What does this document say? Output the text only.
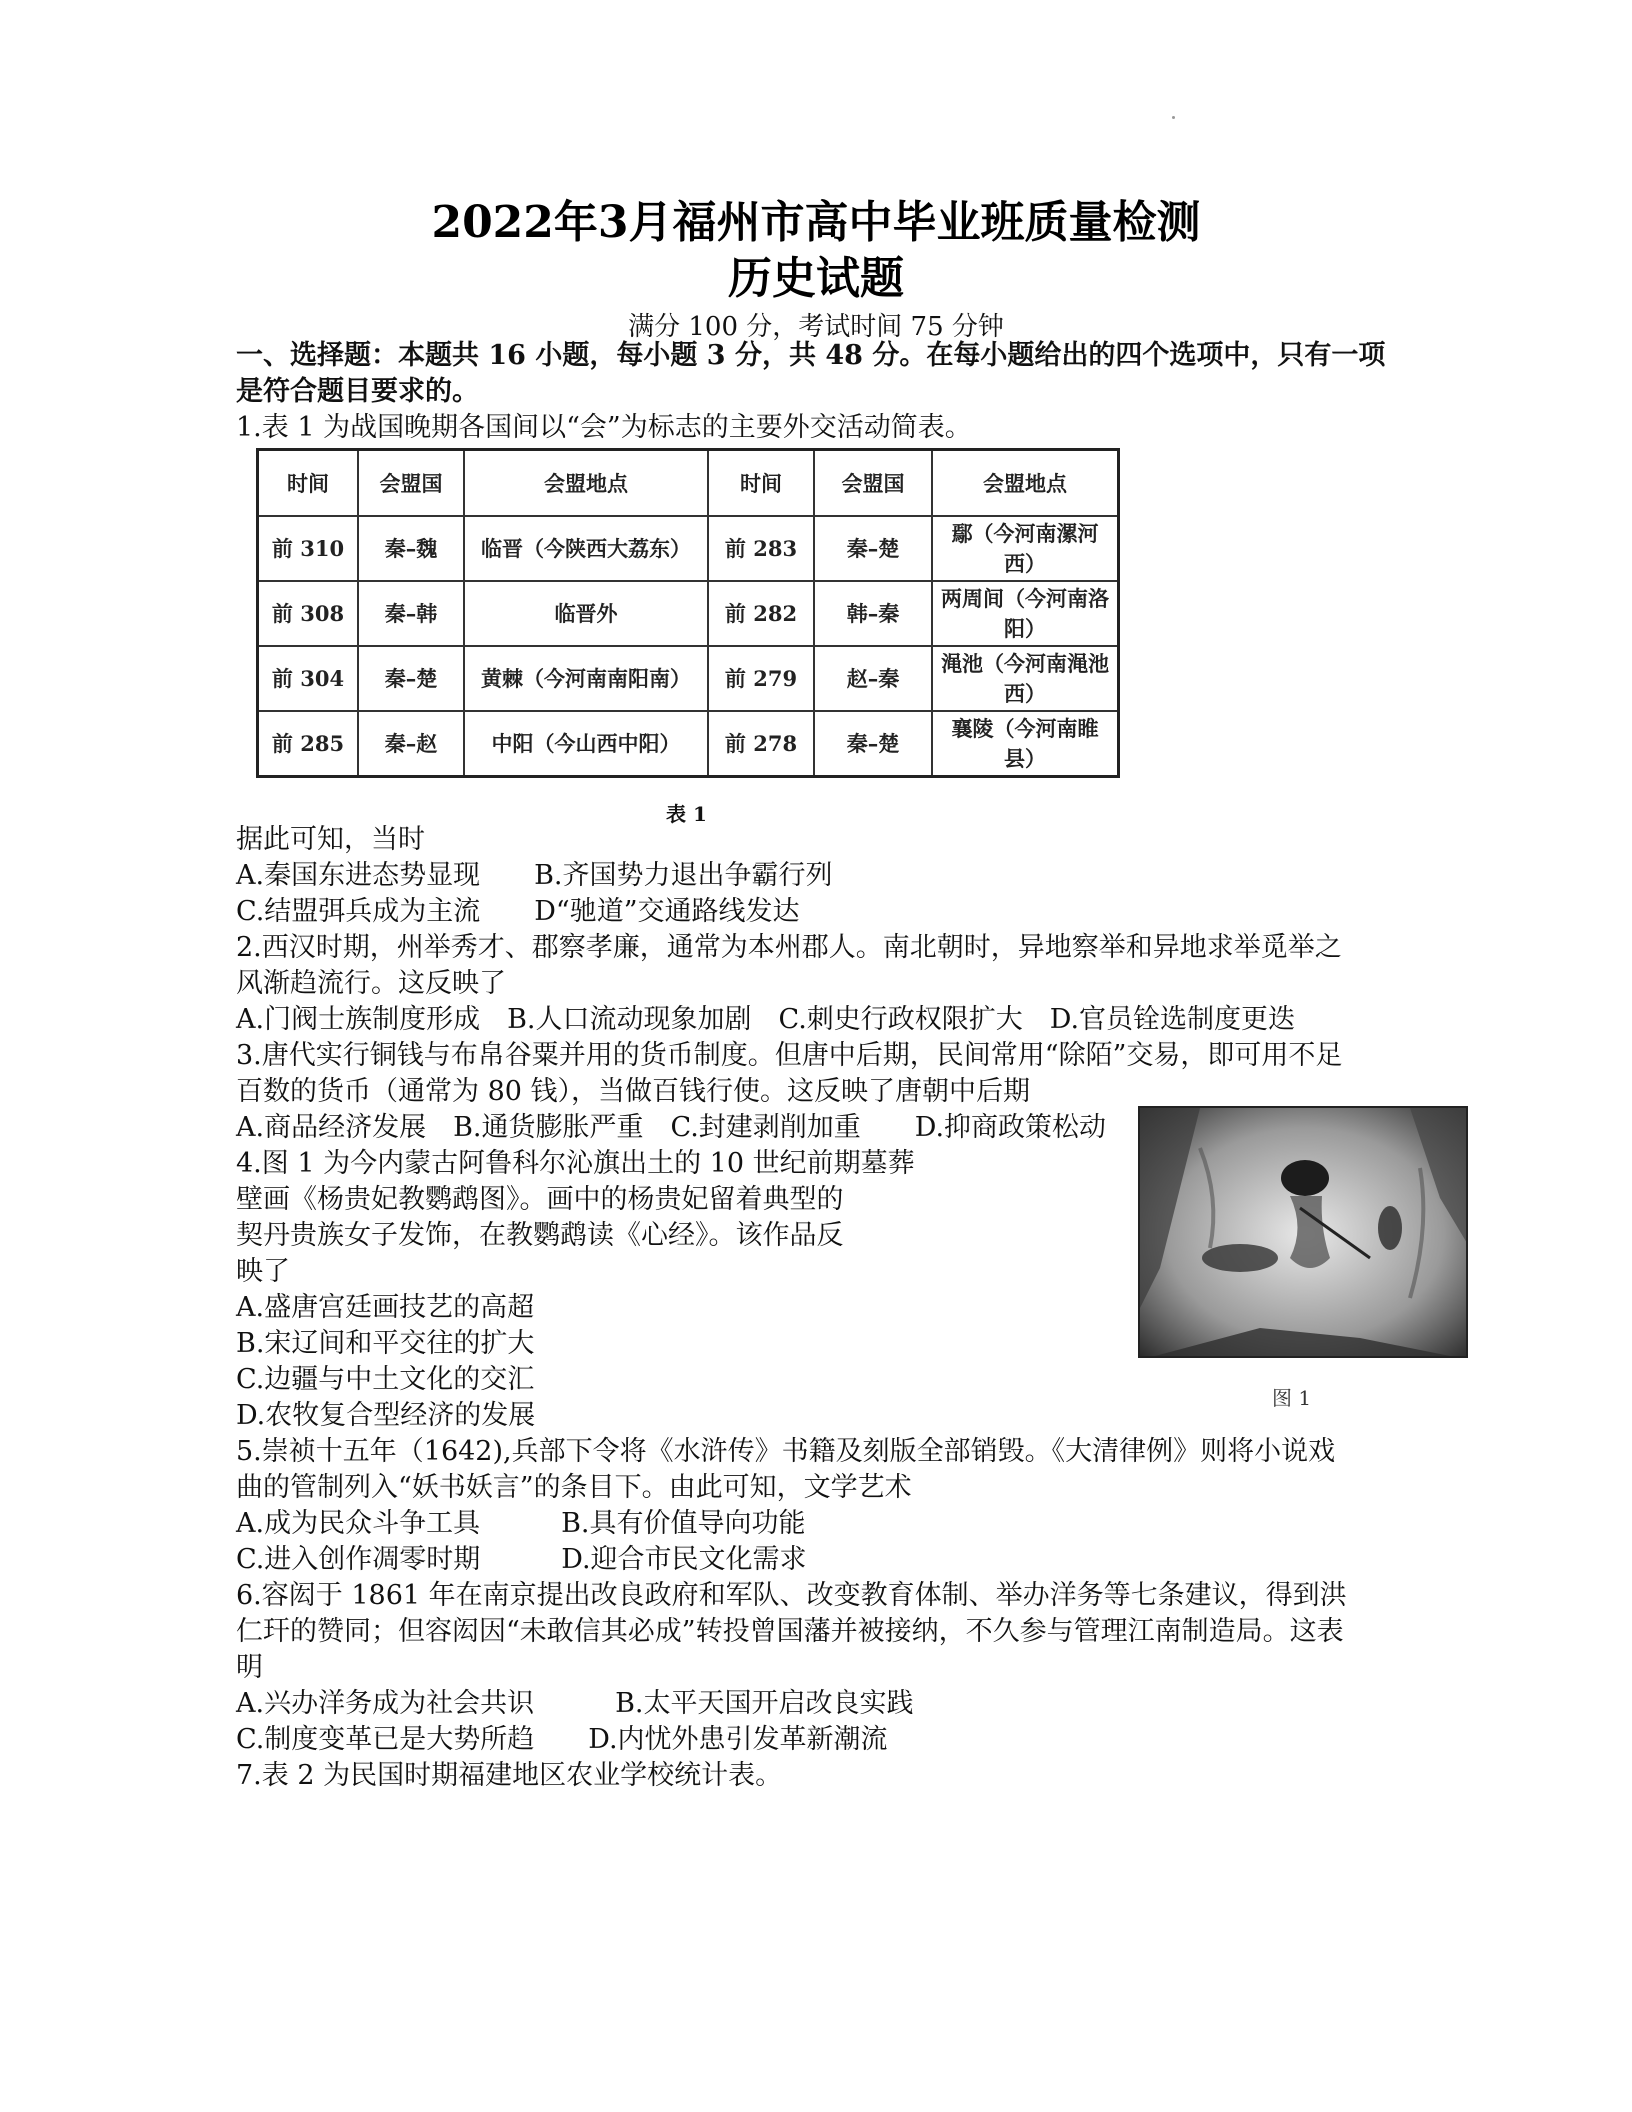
2022年3月福州市高中毕业班质量检测
历史试题
满分 100 分，考试时间 75 分钟
一、选择题：本题共 16 小题，每小题 3 分，共 48 分。在每小题给出的四个选项中，只有一项
是符合题目要求的。
1.表 1 为战国晚期各国间以“会”为标志的主要外交活动简表。
时间	会盟国	会盟地点	时间	会盟国	会盟地点
前 310	秦–魏	临晋（今陕西大荔东）	前 283	秦–楚	鄢（今河南漯河西）
前 308	秦–韩	临晋外	前 282	韩–秦	两周间（今河南洛阳）
前 304	秦–楚	黄棘（今河南南阳南）	前 279	赵–秦	渑池（今河南渑池西）
前 285	秦–赵	中阳（今山西中阳）	前 278	秦–楚	襄陵（今河南睢县）
表 1
据此可知，当时
A.秦国东进态势显现　　B.齐国势力退出争霸行列
C.结盟弭兵成为主流　　D“驰道”交通路线发达
2.西汉时期，州举秀才、郡察孝廉，通常为本州郡人。南北朝时，异地察举和异地求举觅举之
风渐趋流行。这反映了
A.门阀士族制度形成　B.人口流动现象加剧　C.刺史行政权限扩大　D.官员铨选制度更迭
3.唐代实行铜钱与布帛谷粟并用的货币制度。但唐中后期，民间常用“除陌”交易，即可用不足
百数的货币（通常为 80 钱），当做百钱行使。这反映了唐朝中后期
A.商品经济发展　B.通货膨胀严重　C.封建剥削加重　　D.抑商政策松动
4.图 1 为今内蒙古阿鲁科尔沁旗出土的 10 世纪前期墓葬
壁画《杨贵妃教鹦鹉图》。画中的杨贵妃留着典型的
契丹贵族女子发饰，在教鹦鹉读《心经》。该作品反
映了
A.盛唐宫廷画技艺的高超
B.宋辽间和平交往的扩大
C.边疆与中土文化的交汇
D.农牧复合型经济的发展
图 1
5.崇祯十五年（1642),兵部下令将《水浒传》书籍及刻版全部销毁。《大清律例》则将小说戏
曲的管制列入“妖书妖言”的条目下。由此可知，文学艺术
A.成为民众斗争工具　　　B.具有价值导向功能
C.进入创作凋零时期　　　D.迎合市民文化需求
6.容闳于 1861 年在南京提出改良政府和军队、改变教育体制、举办洋务等七条建议，得到洪
仁玕的赞同；但容闳因“未敢信其必成”转投曾国藩并被接纳，不久参与管理江南制造局。这表
明
A.兴办洋务成为社会共识　　　B.太平天国开启改良实践
C.制度变革已是大势所趋　　D.内忧外患引发革新潮流
7.表 2 为民国时期福建地区农业学校统计表。
